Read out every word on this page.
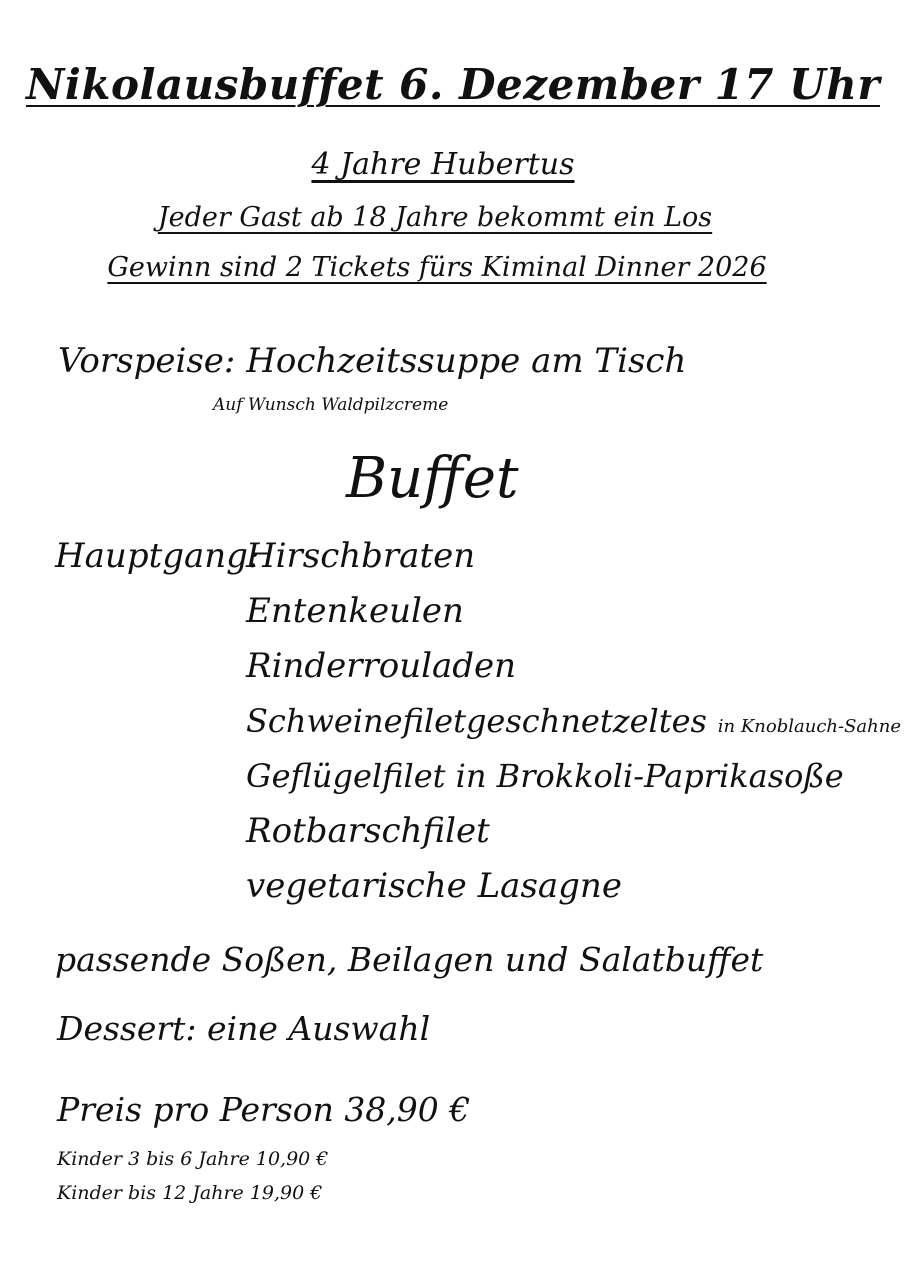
Nikolausbuffet 6. Dezember 17 Uhr
4 Jahre Hubertus
Jeder Gast ab 18 Jahre bekommt ein Los
Gewinn sind 2 Tickets fürs Kiminal Dinner 2026
Vorspeise: Hochzeitssuppe am Tisch
Auf Wunsch Waldpilzcreme
Buffet
Hauptgang:
Hirschbraten
Entenkeulen
Rinderrouladen
Schweinefiletgeschnetzeltes in Knoblauch-Sahne
Geflügelfilet in Brokkoli-Paprikasoße
Rotbarschfilet
vegetarische Lasagne
passende Soßen, Beilagen und Salatbuffet
Dessert: eine Auswahl
Preis pro Person 38,90 €
Kinder 3 bis 6 Jahre 10,90 €
Kinder bis 12 Jahre 19,90 €
